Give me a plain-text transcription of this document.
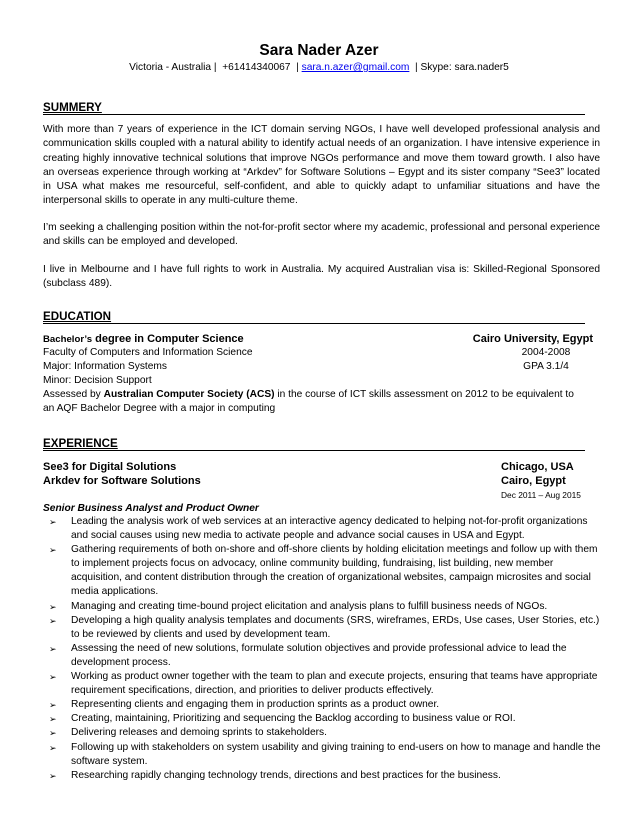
Sara Nader Azer
Victoria - Australia |  +61414340067  | sara.n.azer@gmail.com  | Skype: sara.nader5
SUMMERY
With more than 7 years of experience in the ICT domain serving NGOs, I have well developed professional analysis and communication skills coupled with a natural ability to identify actual needs of an organization. I have intensive experience in creating highly innovative technical solutions that improve NGOs performance and move them toward growth. I also have an overseas experience through working at “Arkdev” for Software Solutions – Egypt and its sister company “See3” located in USA what makes me resourceful, self-confident, and able to quickly adapt to unfamiliar situations and have the interpersonal skills to operate in any multi-culture theme.
I’m seeking a challenging position within the not-for-profit sector where my academic, professional and personal experience and skills can be employed and developed.
I live in Melbourne and I have full rights to work in Australia. My acquired Australian visa is: Skilled-Regional Sponsored (subclass 489).
EDUCATION
Bachelor’s degree in Computer Science	Cairo University, Egypt
Faculty of Computers and Information Science	2004-2008
Major: Information Systems	GPA 3.1/4
Minor: Decision Support
Assessed by Australian Computer Society (ACS) in the course of ICT skills assessment on 2012 to be equivalent to an AQF Bachelor Degree with a major in computing
EXPERIENCE
See3 for Digital Solutions	Chicago, USA
Arkdev for Software Solutions	Cairo, Egypt
Dec 2011 – Aug 2015
Senior Business Analyst and Product Owner
➢ Leading the analysis work of web services at an interactive agency dedicated to helping not-for-profit organizations and social causes using new media to activate people and advance social causes in USA and Egypt.
➢ Gathering requirements of both on-shore and off-shore clients by holding elicitation meetings and follow up with them to implement projects focus on advocacy, online community building, fundraising, list building, new member acquisition, and content distribution through the creation of organizational websites, campaign microsites and social media applications.
➢ Managing and creating time-bound project elicitation and analysis plans to fulfill business needs of NGOs.
➢ Developing a high quality analysis templates and documents (SRS, wireframes, ERDs, Use cases, User Stories, etc.) to be reviewed by clients and used by development team.
➢ Assessing the need of new solutions, formulate solution objectives and provide professional advice to lead the development process.
➢ Working as product owner together with the team to plan and execute projects, ensuring that teams have appropriate requirement specifications, direction, and priorities to deliver products effectively.
➢ Representing clients and engaging them in production sprints as a product owner.
➢ Creating, maintaining, Prioritizing and sequencing the Backlog according to business value or ROI.
➢ Delivering releases and demoing sprints to stakeholders.
➢ Following up with stakeholders on system usability and giving training to end-users on how to manage and handle the software system.
➢ Researching rapidly changing technology trends, directions and best practices for the business.
